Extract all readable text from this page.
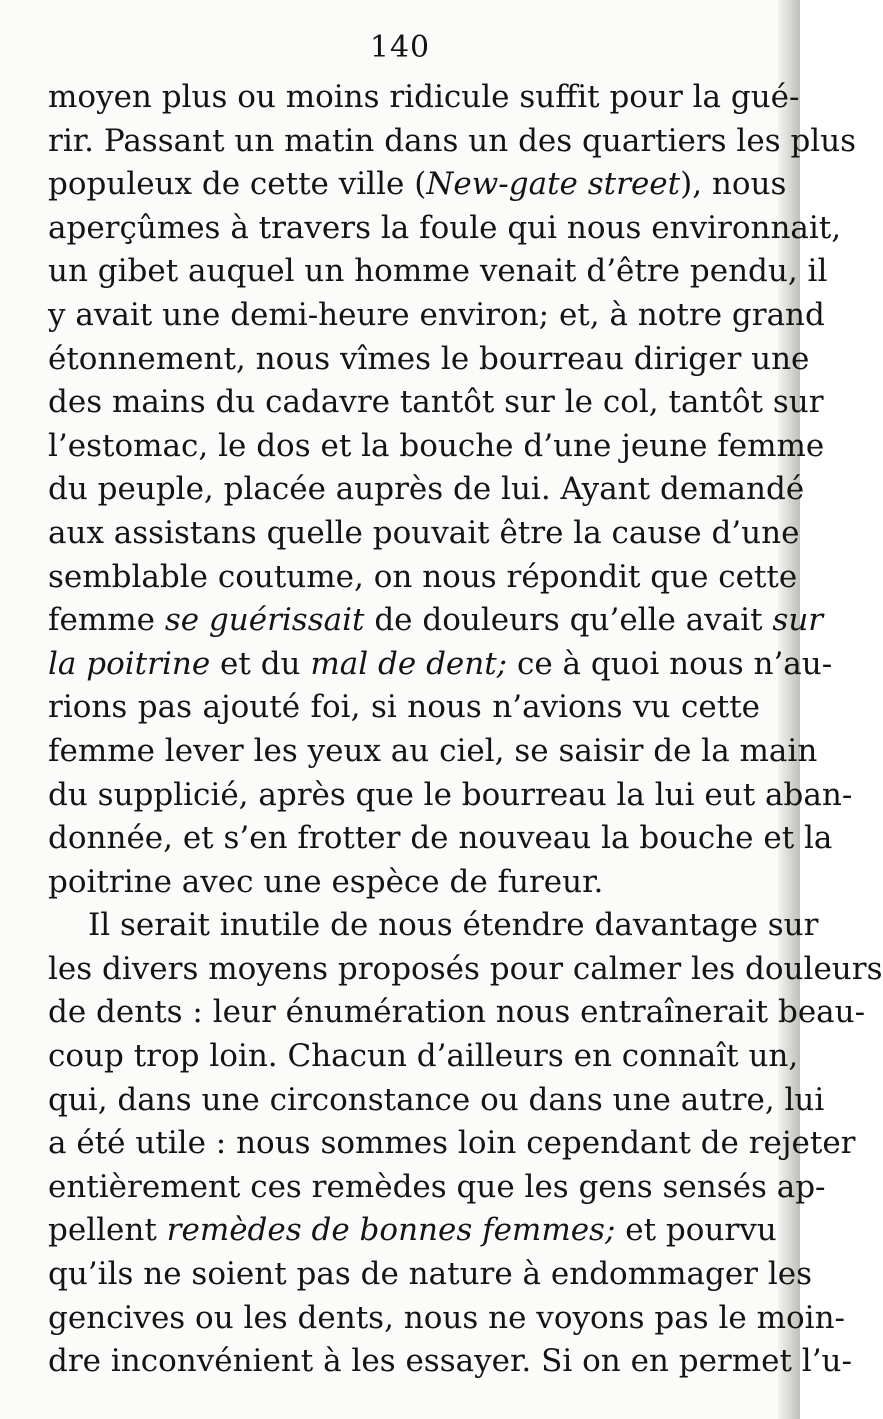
140
moyen plus ou moins ridicule suffit pour la gué-
rir. Passant un matin dans un des quartiers les plus
populeux de cette ville (New-gate street), nous
aperçûmes à travers la foule qui nous environnait,
un gibet auquel un homme venait d’être pendu, il
y avait une demi-heure environ; et, à notre grand
étonnement, nous vîmes le bourreau diriger une
des mains du cadavre tantôt sur le col, tantôt sur
l’estomac, le dos et la bouche d’une jeune femme
du peuple, placée auprès de lui. Ayant demandé
aux assistans quelle pouvait être la cause d’une
semblable coutume, on nous répondit que cette
femme se guérissait de douleurs qu’elle avait sur
la poitrine et du mal de dent; ce à quoi nous n’au-
rions pas ajouté foi, si nous n’avions vu cette
femme lever les yeux au ciel, se saisir de la main
du supplicié, après que le bourreau la lui eut aban-
donnée, et s’en frotter de nouveau la bouche et la
poitrine avec une espèce de fureur.
Il serait inutile de nous étendre davantage sur
les divers moyens proposés pour calmer les douleurs
de dents : leur énumération nous entraînerait beau-
coup trop loin. Chacun d’ailleurs en connaît un,
qui, dans une circonstance ou dans une autre, lui
a été utile : nous sommes loin cependant de rejeter
entièrement ces remèdes que les gens sensés ap-
pellent remèdes de bonnes femmes; et pourvu
qu’ils ne soient pas de nature à endommager les
gencives ou les dents, nous ne voyons pas le moin-
dre inconvénient à les essayer. Si on en permet l’u-
